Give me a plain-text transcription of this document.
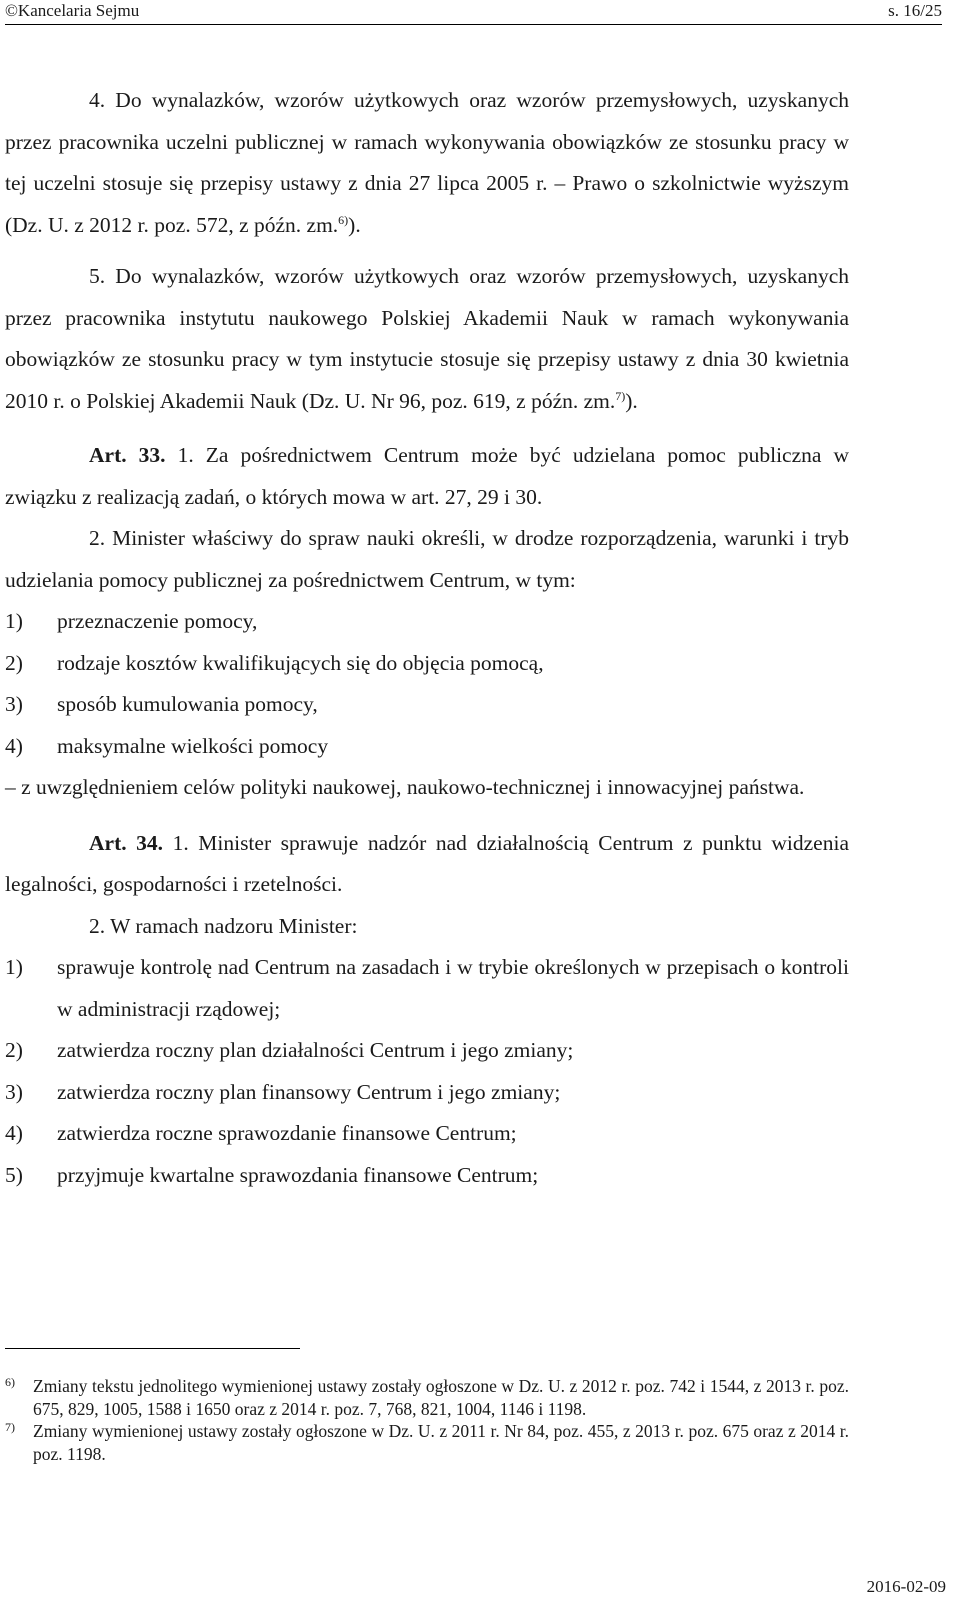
©Kancelaria Sejmu	s. 16/25

4. Do wynalazków, wzorów użytkowych oraz wzorów przemysłowych, uzyskanych przez pracownika uczelni publicznej w ramach wykonywania obowiązków ze stosunku pracy w tej uczelni stosuje się przepisy ustawy z dnia 27 lipca 2005 r. – Prawo o szkolnictwie wyższym (Dz. U. z 2012 r. poz. 572, z późn. zm.$^{6)}$).

5. Do wynalazków, wzorów użytkowych oraz wzorów przemysłowych, uzyskanych przez pracownika instytutu naukowego Polskiej Akademii Nauk w ramach wykonywania obowiązków ze stosunku pracy w tym instytucie stosuje się przepisy ustawy z dnia 30 kwietnia 2010 r. o Polskiej Akademii Nauk (Dz. U. Nr 96, poz. 619, z późn. zm.$^{7)}$).

Art. 33. 1. Za pośrednictwem Centrum może być udzielana pomoc publiczna w związku z realizacją zadań, o których mowa w art. 27, 29 i 30.

2. Minister właściwy do spraw nauki określi, w drodze rozporządzenia, warunki i tryb udzielania pomocy publicznej za pośrednictwem Centrum, w tym:

1) przeznaczenie pomocy,

2) rodzaje kosztów kwalifikujących się do objęcia pomocą,

3) sposób kumulowania pomocy,

4) maksymalne wielkości pomocy

– z uwzględnieniem celów polityki naukowej, naukowo-technicznej i innowacyjnej państwa.

Art. 34. 1. Minister sprawuje nadzór nad działalnością Centrum z punktu widzenia legalności, gospodarności i rzetelności.

2. W ramach nadzoru Minister:

1) sprawuje kontrolę nad Centrum na zasadach i w trybie określonych w przepisach o kontroli w administracji rządowej;

2) zatwierdza roczny plan działalności Centrum i jego zmiany;

3) zatwierdza roczny plan finansowy Centrum i jego zmiany;

4) zatwierdza roczne sprawozdanie finansowe Centrum;

5) przyjmuje kwartalne sprawozdania finansowe Centrum;

6) Zmiany tekstu jednolitego wymienionej ustawy zostały ogłoszone w Dz. U. z 2012 r. poz. 742 i 1544, z 2013 r. poz. 675, 829, 1005, 1588 i 1650 oraz z 2014 r. poz. 7, 768, 821, 1004, 1146 i 1198.

7) Zmiany wymienionej ustawy zostały ogłoszone w Dz. U. z 2011 r. Nr 84, poz. 455, z 2013 r. poz. 675 oraz z 2014 r. poz. 1198.

2016-02-09
